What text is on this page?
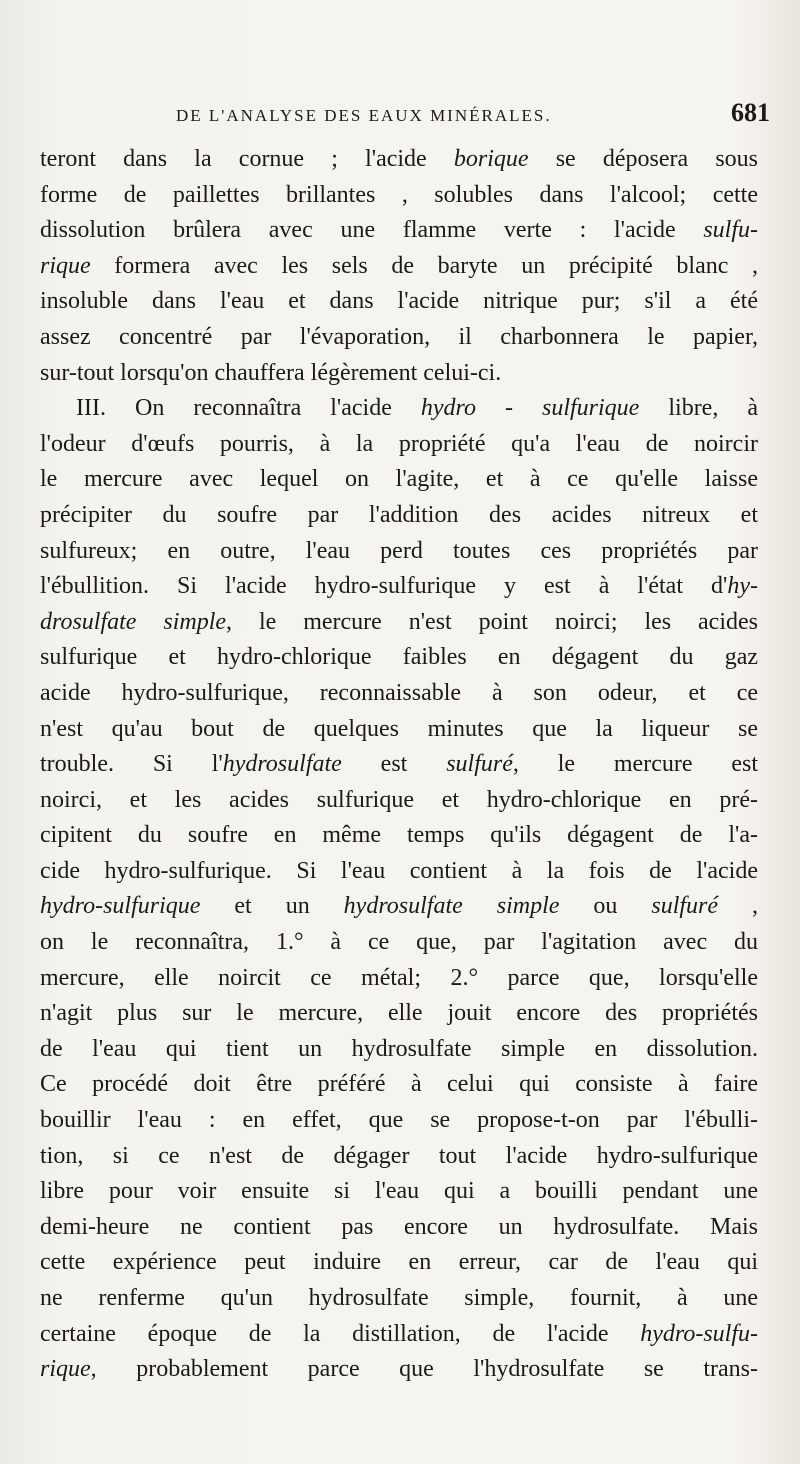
DE L'ANALYSE DES EAUX MINÉRALES.	681
teront dans la cornue ; l'acide borique se déposera sous
forme de paillettes brillantes , solubles dans l'alcool; cette
dissolution brûlera avec une flamme verte : l'acide sulfu-
rique formera avec les sels de baryte un précipité blanc ,
insoluble dans l'eau et dans l'acide nitrique pur; s'il a été
assez concentré par l'évaporation, il charbonnera le papier,
sur-tout lorsqu'on chauffera légèrement celui-ci.
III. On reconnaîtra l'acide hydro - sulfurique libre, à
l'odeur d'œufs pourris, à la propriété qu'a l'eau de noircir
le mercure avec lequel on l'agite, et à ce qu'elle laisse
précipiter du soufre par l'addition des acides nitreux et
sulfureux; en outre, l'eau perd toutes ces propriétés par
l'ébullition. Si l'acide hydro-sulfurique y est à l'état d'hy-
drosulfate simple, le mercure n'est point noirci; les acides
sulfurique et hydro-chlorique faibles en dégagent du gaz
acide hydro-sulfurique, reconnaissable à son odeur, et ce
n'est qu'au bout de quelques minutes que la liqueur se
trouble. Si l'hydrosulfate est sulfuré, le mercure est
noirci, et les acides sulfurique et hydro-chlorique en pré-
cipitent du soufre en même temps qu'ils dégagent de l'a-
cide hydro-sulfurique. Si l'eau contient à la fois de l'acide
hydro-sulfurique et un hydrosulfate simple ou sulfuré ,
on le reconnaîtra, 1.° à ce que, par l'agitation avec du
mercure, elle noircit ce métal; 2.° parce que, lorsqu'elle
n'agit plus sur le mercure, elle jouit encore des propriétés
de l'eau qui tient un hydrosulfate simple en dissolution.
Ce procédé doit être préféré à celui qui consiste à faire
bouillir l'eau : en effet, que se propose-t-on par l'ébulli-
tion, si ce n'est de dégager tout l'acide hydro-sulfurique
libre pour voir ensuite si l'eau qui a bouilli pendant une
demi-heure ne contient pas encore un hydrosulfate. Mais
cette expérience peut induire en erreur, car de l'eau qui
ne renferme qu'un hydrosulfate simple, fournit, à une
certaine époque de la distillation, de l'acide hydro-sulfu-
rique, probablement parce que l'hydrosulfate se trans-
